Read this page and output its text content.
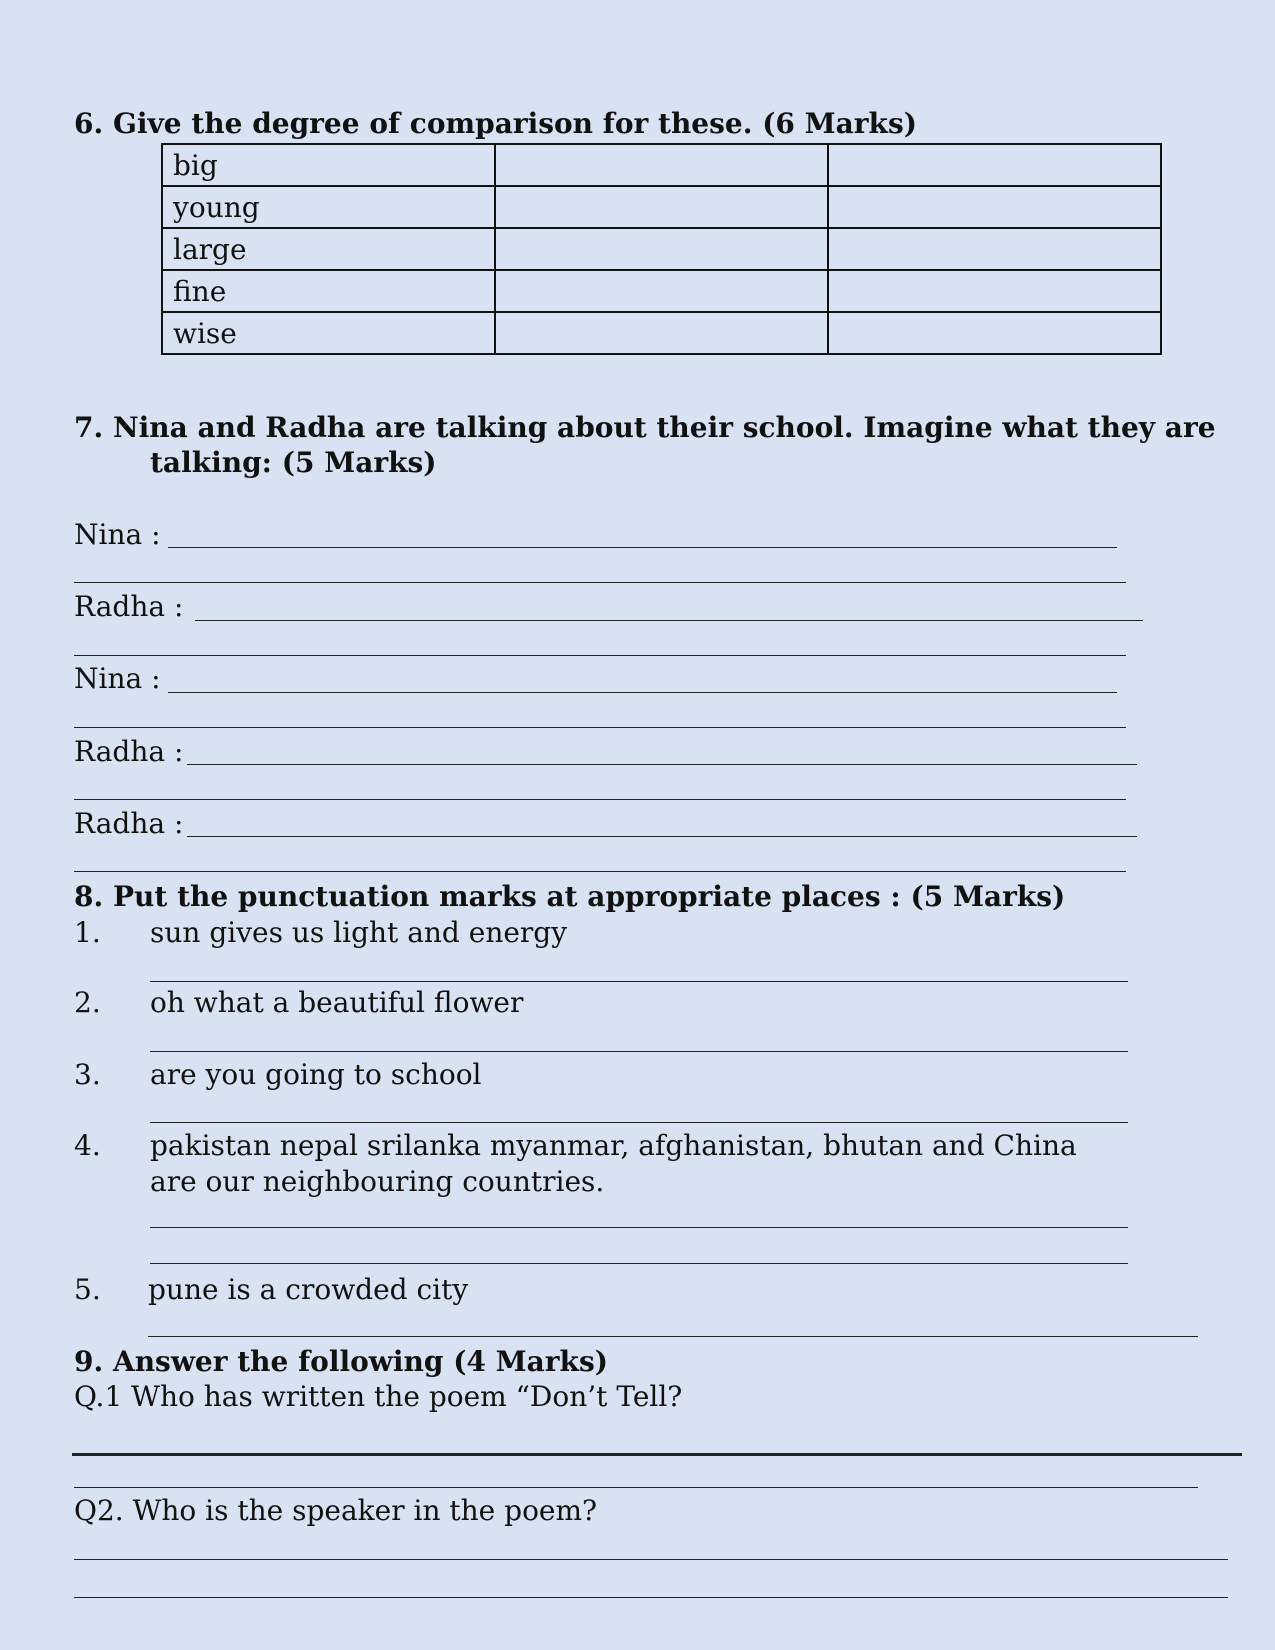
6. Give the degree of comparison for these. (6 Marks)
big		
young		
large		
fine		
wise		
7. Nina and Radha are talking about their school. Imagine what they are
talking: (5 Marks)
Nina :
Radha :
Nina :
Radha :
Radha :
8. Put the punctuation marks at appropriate places : (5 Marks)
1. sun gives us light and energy
2. oh what a beautiful flower
3. are you going to school
4. pakistan nepal srilanka myanmar, afghanistan, bhutan and China
are our neighbouring countries.
5. pune is a crowded city
9. Answer the following (4 Marks)
Q.1 Who has written the poem “Don’t Tell?
Q2. Who is the speaker in the poem?
